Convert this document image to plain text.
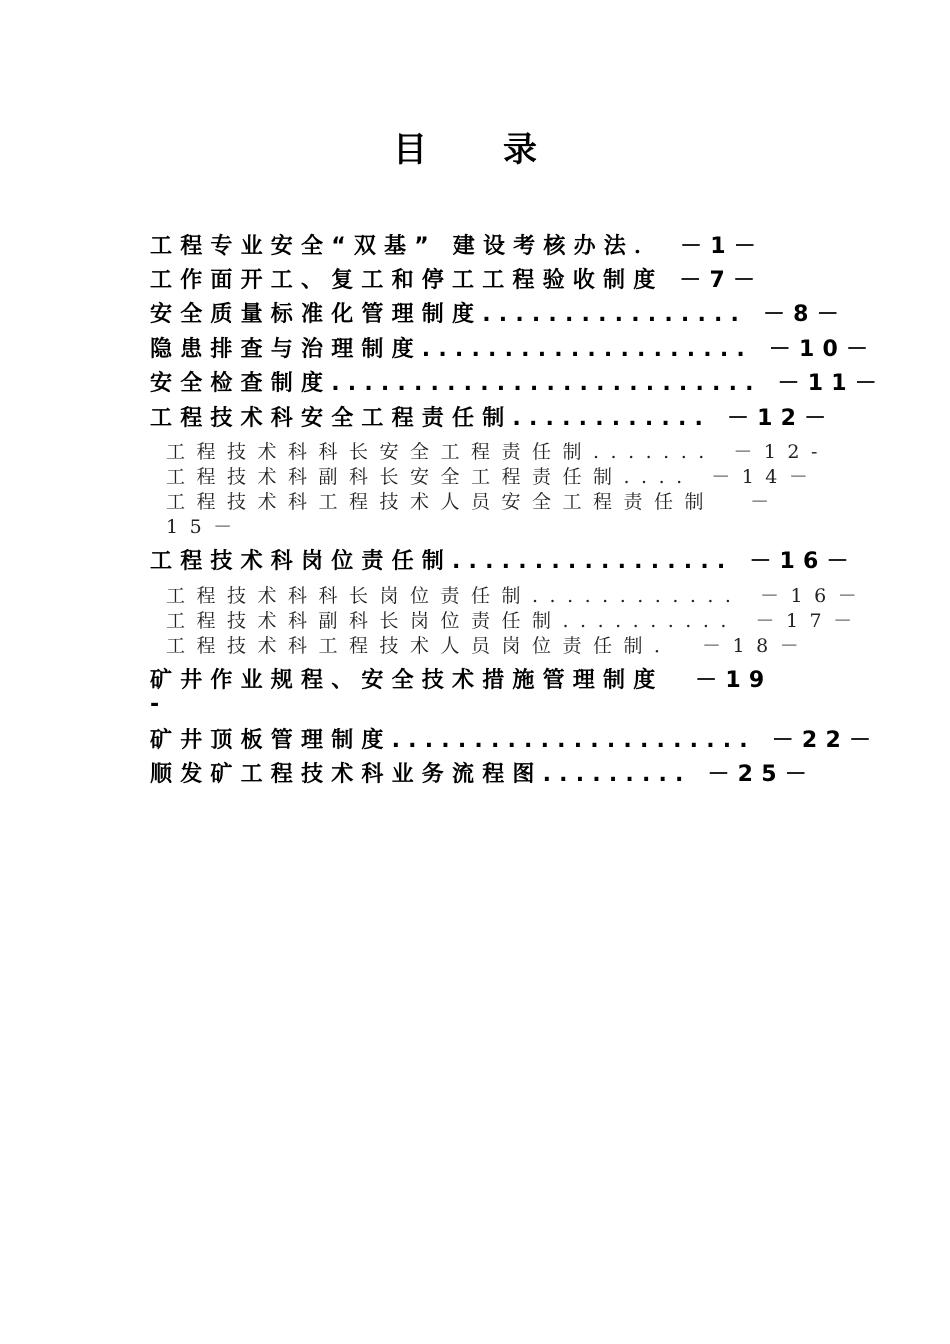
目 录
工程专业安全“双基” 建设考核办法． －1－
工作面开工、复工和停工工程验收制度 －7－
安全质量标准化管理制度................ －8－
隐患排查与治理制度.................... －10－
安全检查制度.......................... －11－
工程技术科安全工程责任制............ －12－
工程技术科科长安全工程责任制....... －12-
工程技术科副科长安全工程责任制.... －14－
工程技术科工程技术人员安全工程责任制  －
15－
工程技术科岗位责任制................. －16－
工程技术科科长岗位责任制............ －16－
工程技术科副科长岗位责任制.......... －17－
工程技术科工程技术人员岗位责任制． －18－
矿井作业规程、安全技术措施管理制度  －19
-
矿井顶板管理制度...................... －22－
顺发矿工程技术科业务流程图......... －25－
